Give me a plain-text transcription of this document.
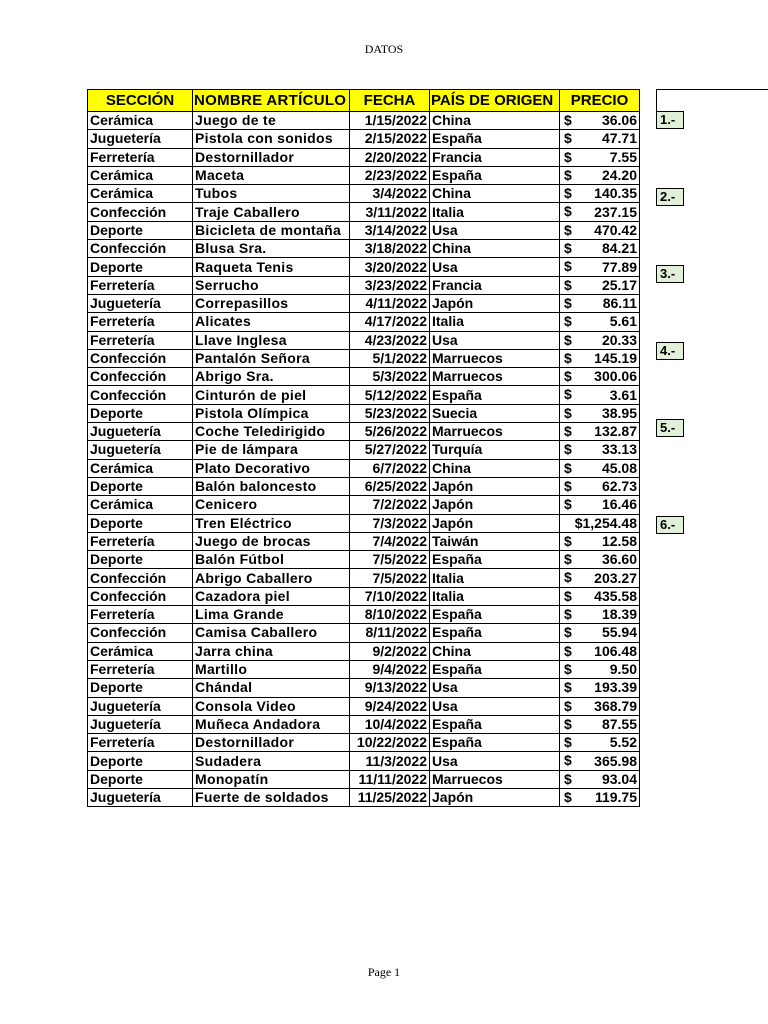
DATOS
SECCIÓN	NOMBRE ARTÍCULO	FECHA	PAÍS DE ORIGEN	PRECIO
Cerámica	Juego de te	1/15/2022	China	$ 36.06
Juguetería	Pistola con sonidos	2/15/2022	España	$ 47.71
Ferretería	Destornillador	2/20/2022	Francia	$ 7.55
Cerámica	Maceta	2/23/2022	España	$ 24.20
Cerámica	Tubos	3/4/2022	China	$ 140.35
Confección	Traje Caballero	3/11/2022	Italia	$ 237.15
Deporte	Bicicleta de montaña	3/14/2022	Usa	$ 470.42
Confección	Blusa Sra.	3/18/2022	China	$ 84.21
Deporte	Raqueta Tenis	3/20/2022	Usa	$ 77.89
Ferretería	Serrucho	3/23/2022	Francia	$ 25.17
Juguetería	Correpasillos	4/11/2022	Japón	$ 86.11
Ferretería	Alicates	4/17/2022	Italia	$ 5.61
Ferretería	Llave Inglesa	4/23/2022	Usa	$ 20.33
Confección	Pantalón Señora	5/1/2022	Marruecos	$ 145.19
Confección	Abrigo Sra.	5/3/2022	Marruecos	$ 300.06
Confección	Cinturón de piel	5/12/2022	España	$ 3.61
Deporte	Pistola Olímpica	5/23/2022	Suecia	$ 38.95
Juguetería	Coche Teledirigido	5/26/2022	Marruecos	$ 132.87
Juguetería	Pie de lámpara	5/27/2022	Turquía	$ 33.13
Cerámica	Plato Decorativo	6/7/2022	China	$ 45.08
Deporte	Balón baloncesto	6/25/2022	Japón	$ 62.73
Cerámica	Cenicero	7/2/2022	Japón	$ 16.46
Deporte	Tren Eléctrico	7/3/2022	Japón	$1,254.48
Ferretería	Juego de brocas	7/4/2022	Taiwán	$ 12.58
Deporte	Balón Fútbol	7/5/2022	España	$ 36.60
Confección	Abrigo Caballero	7/5/2022	Italia	$ 203.27
Confección	Cazadora piel	7/10/2022	Italia	$ 435.58
Ferretería	Lima Grande	8/10/2022	España	$ 18.39
Confección	Camisa Caballero	8/11/2022	España	$ 55.94
Cerámica	Jarra china	9/2/2022	China	$ 106.48
Ferretería	Martillo	9/4/2022	España	$ 9.50
Deporte	Chándal	9/13/2022	Usa	$ 193.39
Juguetería	Consola Video	9/24/2022	Usa	$ 368.79
Juguetería	Muñeca Andadora	10/4/2022	España	$ 87.55
Ferretería	Destornillador	10/22/2022	España	$ 5.52
Deporte	Sudadera	11/3/2022	Usa	$ 365.98
Deporte	Monopatín	11/11/2022	Marruecos	$ 93.04
Juguetería	Fuerte de soldados	11/25/2022	Japón	$ 119.75
1.-
2.-
3.-
4.-
5.-
6.-
Page 1
